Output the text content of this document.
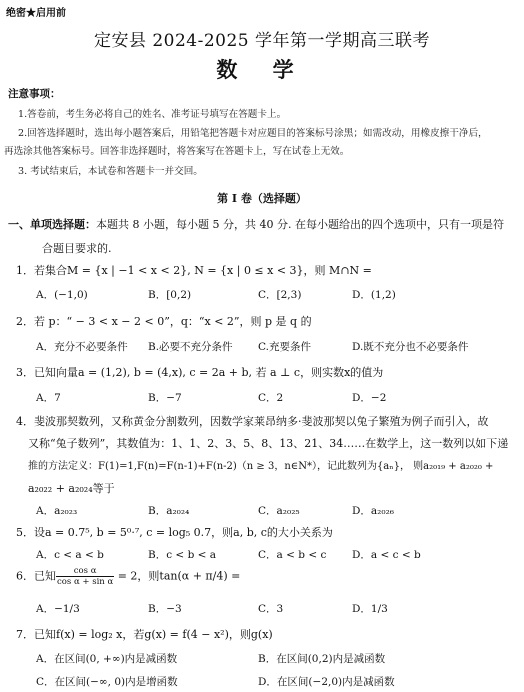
绝密★启用前
定安县 2024-2025 学年第一学期高三联考
数 学
注意事项：
1.答卷前，考生务必将自己的姓名、准考证号填写在答题卡上。
2.回答选择题时，选出每小题答案后，用铅笔把答题卡对应题目的答案标号涂黑；如需改动，用橡皮擦干净后，
再选涂其他答案标号。回答非选择题时，将答案写在答题卡上，写在试卷上无效。
3. 考试结束后，本试卷和答题卡一并交回。
第 I 卷（选择题）
一、单项选择题：本题共 8 小题，每小题 5 分，共 40 分. 在每小题给出的四个选项中，只有一项是符
合题目要求的.
1．若集合M = {x | −1 < x < 2}, N = {x | 0 ≤ x < 3}，则 M∩N =
A．(−1,0)	B．[0,2)	C．[2,3)	D．(1,2)
2．若 p：“ − 3 < x − 2 < 0”，q：“x < 2”，则 p 是 q 的
A．充分不必要条件 B.必要不充分条件 C.充要条件	D.既不充分也不必要条件
3．已知向量a = (1,2), b = (4,x), c = 2a + b, 若 a ⊥ c，则实数x的值为
A．7	B．−7	C．2	D．−2
4．斐波那契数列，又称黄金分割数列，因数学家莱昂纳多·斐波那契以兔子繁殖为例子而引入，故
又称“兔子数列”，其数值为：1、1、2、3、5、8、13、21、34……在数学上，这一数列以如下递
推的方法定义：F(1)=1,F(n)=F(n-1)+F(n-2)（n ≥ 3，n∈N*），记此数列为{aₙ}， 则a₂₀₁₉ + a₂₀₂₀ +
a₂₀₂₂ + a₂₀₂₄等于
A．a₂₀₂₃	B．a₂₀₂₄	C．a₂₀₂₅	D．a₂₀₂₆
5．设a = 0.7⁵, b = 5⁰·⁷, c = log₅ 0.7，则a, b, c的大小关系为
A．c < a < b	B．c < b < a	C．a < b < c D．a < c < b
6．已知 $\frac{\text{cos α}}{\text{cos α + sin α}} = 2$，则tan(α + π/4) =
A．−1/3	B．−3	C．3	D．1/3
7．已知f(x) = log₂ x，若g(x) = f(4 − x²)，则g(x)
A．在区间(0, +∞)内是减函数	B．在区间(0,2)内是减函数
C．在区间(−∞, 0)内是增函数	D．在区间(−2,0)内是减函数
